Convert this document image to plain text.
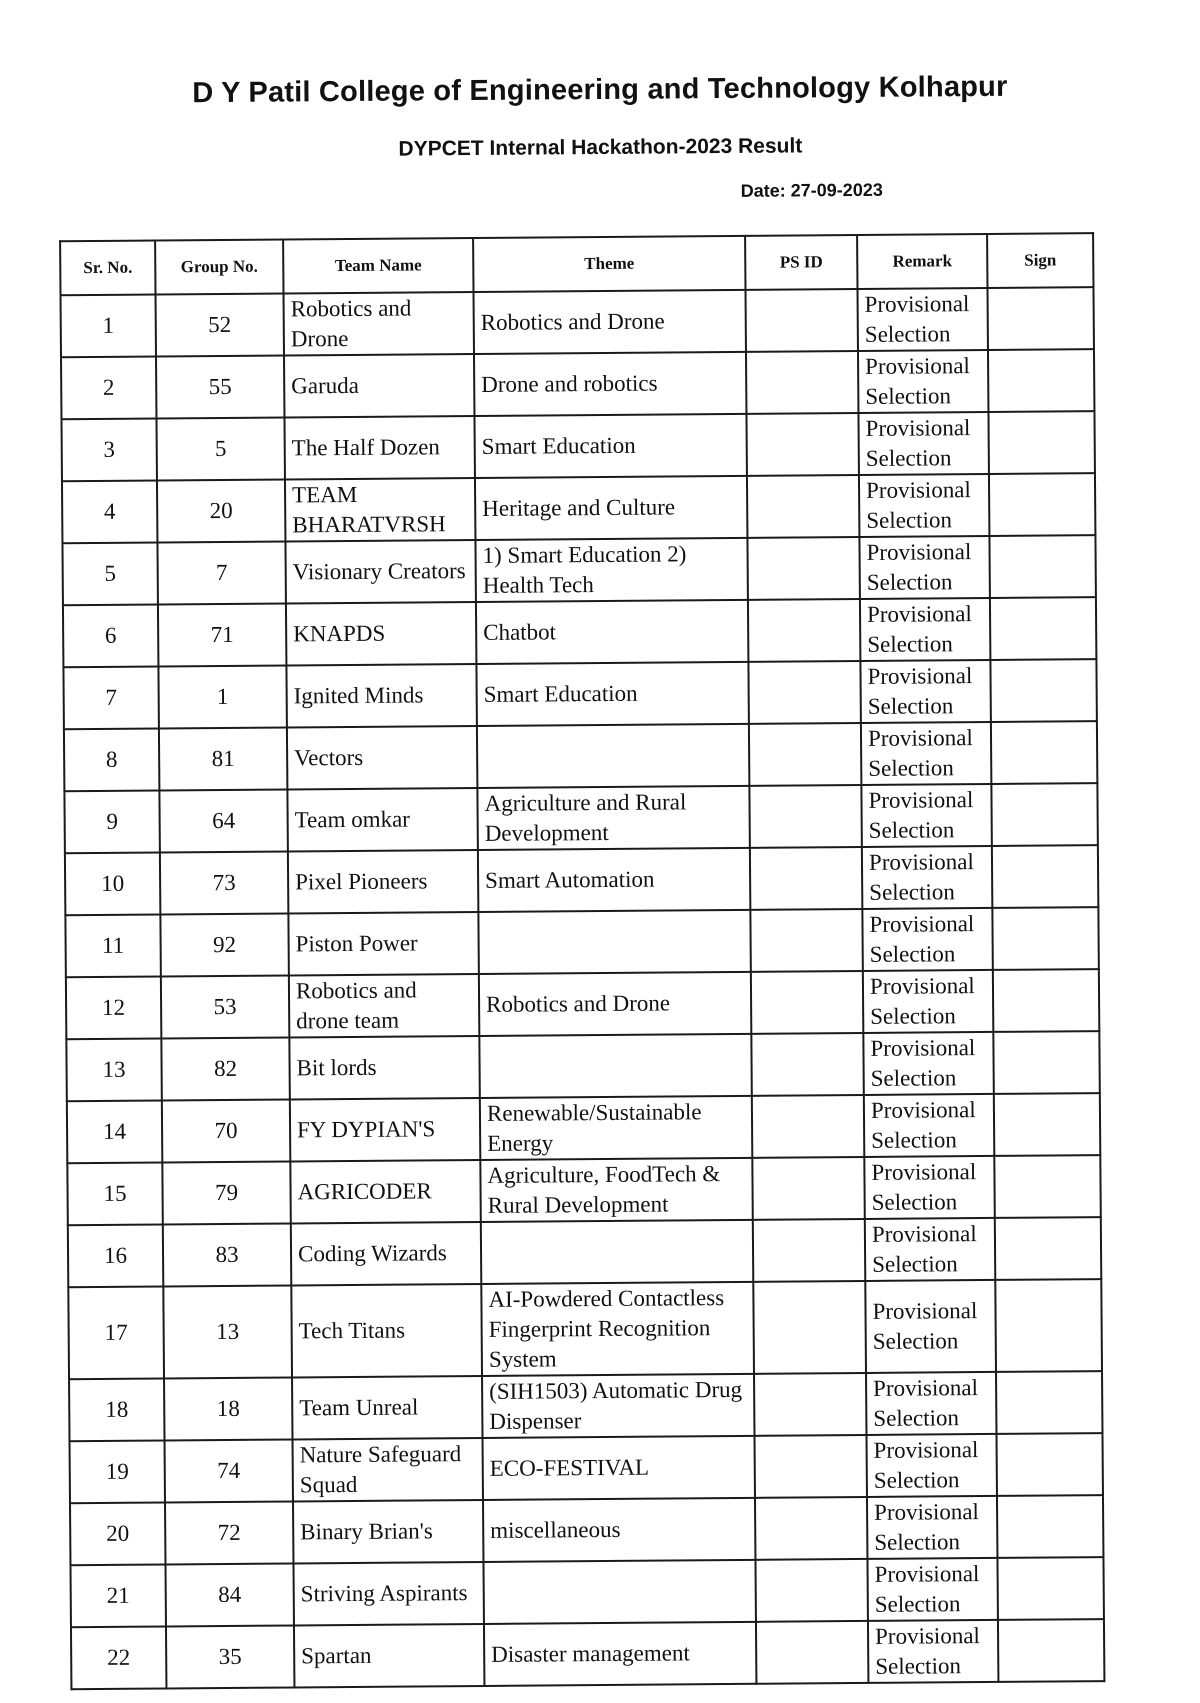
D Y Patil College of Engineering and Technology Kolhapur
DYPCET Internal Hackathon-2023 Result
Date: 27-09-2023
Sr. No.	Group No.	Team Name	Theme	PS ID	Remark	Sign
1	52	Robotics and Drone	Robotics and Drone		Provisional Selection	
2	55	Garuda	Drone and robotics		Provisional Selection	
3	5	The Half Dozen	Smart Education		Provisional Selection	
4	20	TEAM BHARATVRSH	Heritage and Culture		Provisional Selection	
5	7	Visionary Creators	1) Smart Education 2) Health Tech		Provisional Selection	
6	71	KNAPDS	Chatbot		Provisional Selection	
7	1	Ignited Minds	Smart Education		Provisional Selection	
8	81	Vectors			Provisional Selection	
9	64	Team omkar	Agriculture and Rural Development		Provisional Selection	
10	73	Pixel Pioneers	Smart Automation		Provisional Selection	
11	92	Piston Power			Provisional Selection	
12	53	Robotics and drone team	Robotics and Drone		Provisional Selection	
13	82	Bit lords			Provisional Selection	
14	70	FY DYPIAN'S	Renewable/Sustainable Energy		Provisional Selection	
15	79	AGRICODER	Agriculture, FoodTech & Rural Development		Provisional Selection	
16	83	Coding Wizards			Provisional Selection	
17	13	Tech Titans	AI-Powdered Contactless Fingerprint Recognition System		Provisional Selection	
18	18	Team Unreal	(SIH1503) Automatic Drug Dispenser		Provisional Selection	
19	74	Nature Safeguard Squad	ECO-FESTIVAL		Provisional Selection	
20	72	Binary Brian's	miscellaneous		Provisional Selection	
21	84	Striving Aspirants			Provisional Selection	
22	35	Spartan	Disaster management		Provisional Selection	
